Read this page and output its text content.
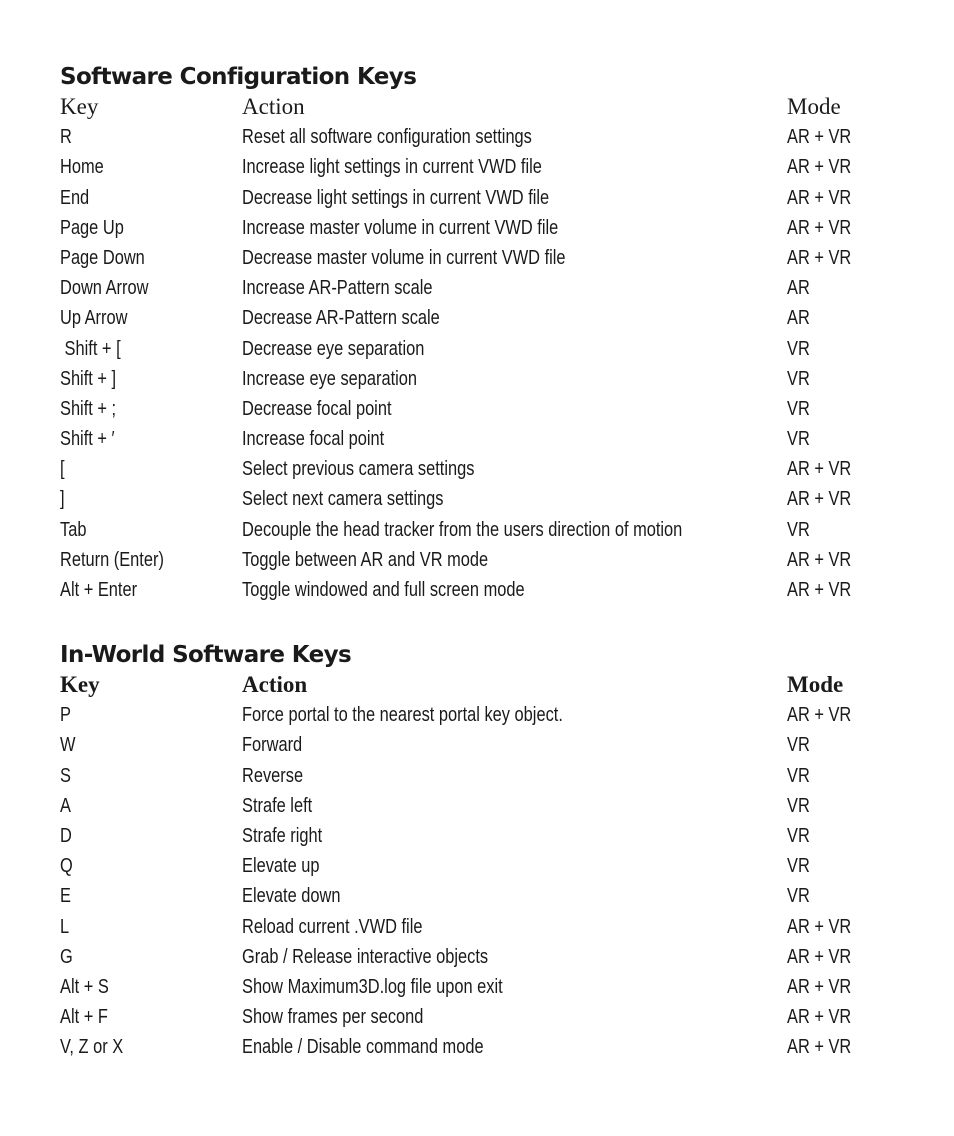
Software Configuration Keys
Key	Action	Mode
R	Reset all software configuration settings	AR + VR
Home	Increase light settings in current VWD file	AR + VR
End	Decrease light settings in current VWD file	AR + VR
Page Up	Increase master volume in current VWD file	AR + VR
Page Down	Decrease master volume in current VWD file	AR + VR
Down Arrow	Increase AR-Pattern scale	AR
Up Arrow	Decrease AR-Pattern scale	AR
Shift + [	Decrease eye separation	VR
Shift + ]	Increase eye separation	VR
Shift + ;	Decrease focal point	VR
Shift + ′	Increase focal point	VR
[	Select previous camera settings	AR + VR
]	Select next camera settings	AR + VR
Tab	Decouple the head tracker from the users direction of motion	VR
Return (Enter)	Toggle between AR and VR mode	AR + VR
Alt + Enter	Toggle windowed and full screen mode	AR + VR
In-World Software Keys
Key	Action	Mode
P	Force portal to the nearest portal key object.	AR + VR
W	Forward	VR
S	Reverse	VR
A	Strafe left	VR
D	Strafe right	VR
Q	Elevate up	VR
E	Elevate down	VR
L	Reload current .VWD file	AR + VR
G	Grab / Release interactive objects	AR + VR
Alt + S	Show Maximum3D.log file upon exit	AR + VR
Alt + F	Show frames per second	AR + VR
V, Z or X	Enable / Disable command mode	AR + VR
